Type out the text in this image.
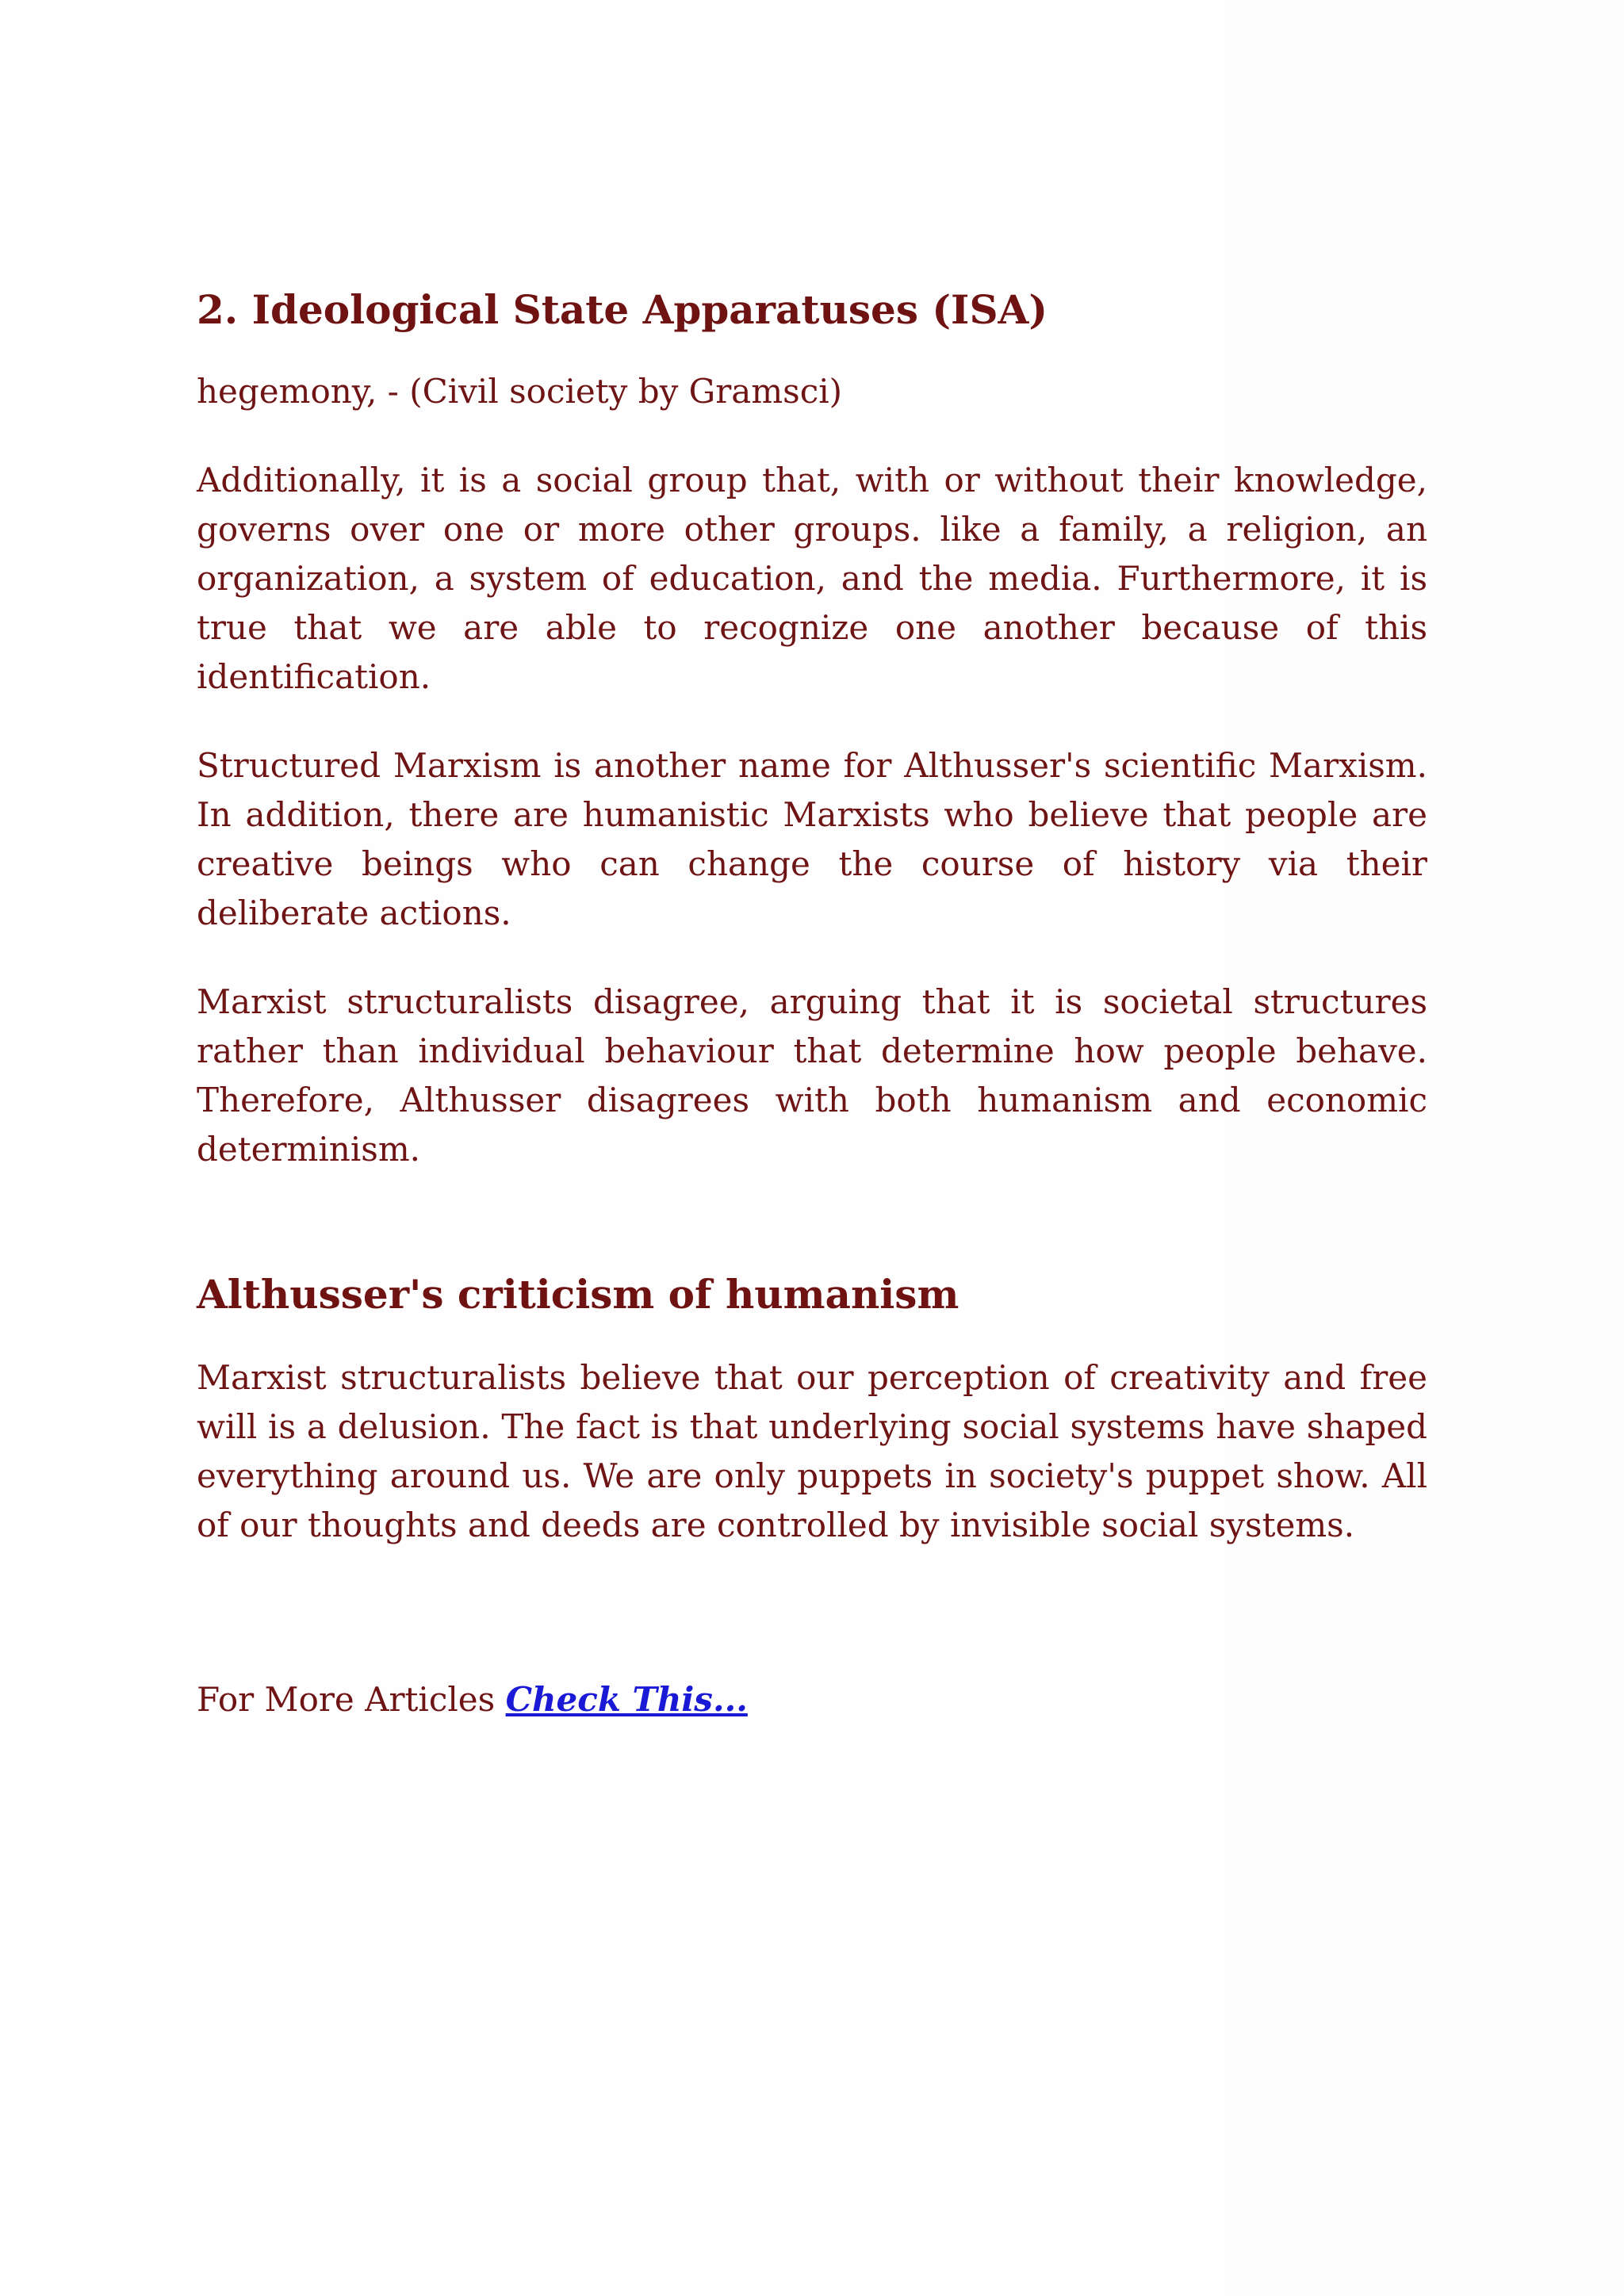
2. Ideological State Apparatuses (ISA)

hegemony, - (Civil society by Gramsci)

Additionally, it is a social group that, with or without their knowledge, governs over one or more other groups. like a family, a religion, an organization, a system of education, and the media. Furthermore, it is true that we are able to recognize one another because of this identification.

Structured Marxism is another name for Althusser's scientific Marxism. In addition, there are humanistic Marxists who believe that people are creative beings who can change the course of history via their deliberate actions.

Marxist structuralists disagree, arguing that it is societal structures rather than individual behaviour that determine how people behave. Therefore, Althusser disagrees with both humanism and economic determinism.

Althusser's criticism of humanism

Marxist structuralists believe that our perception of creativity and free will is a delusion. The fact is that underlying social systems have shaped everything around us. We are only puppets in society's puppet show. All of our thoughts and deeds are controlled by invisible social systems.

For More Articles Check This...
